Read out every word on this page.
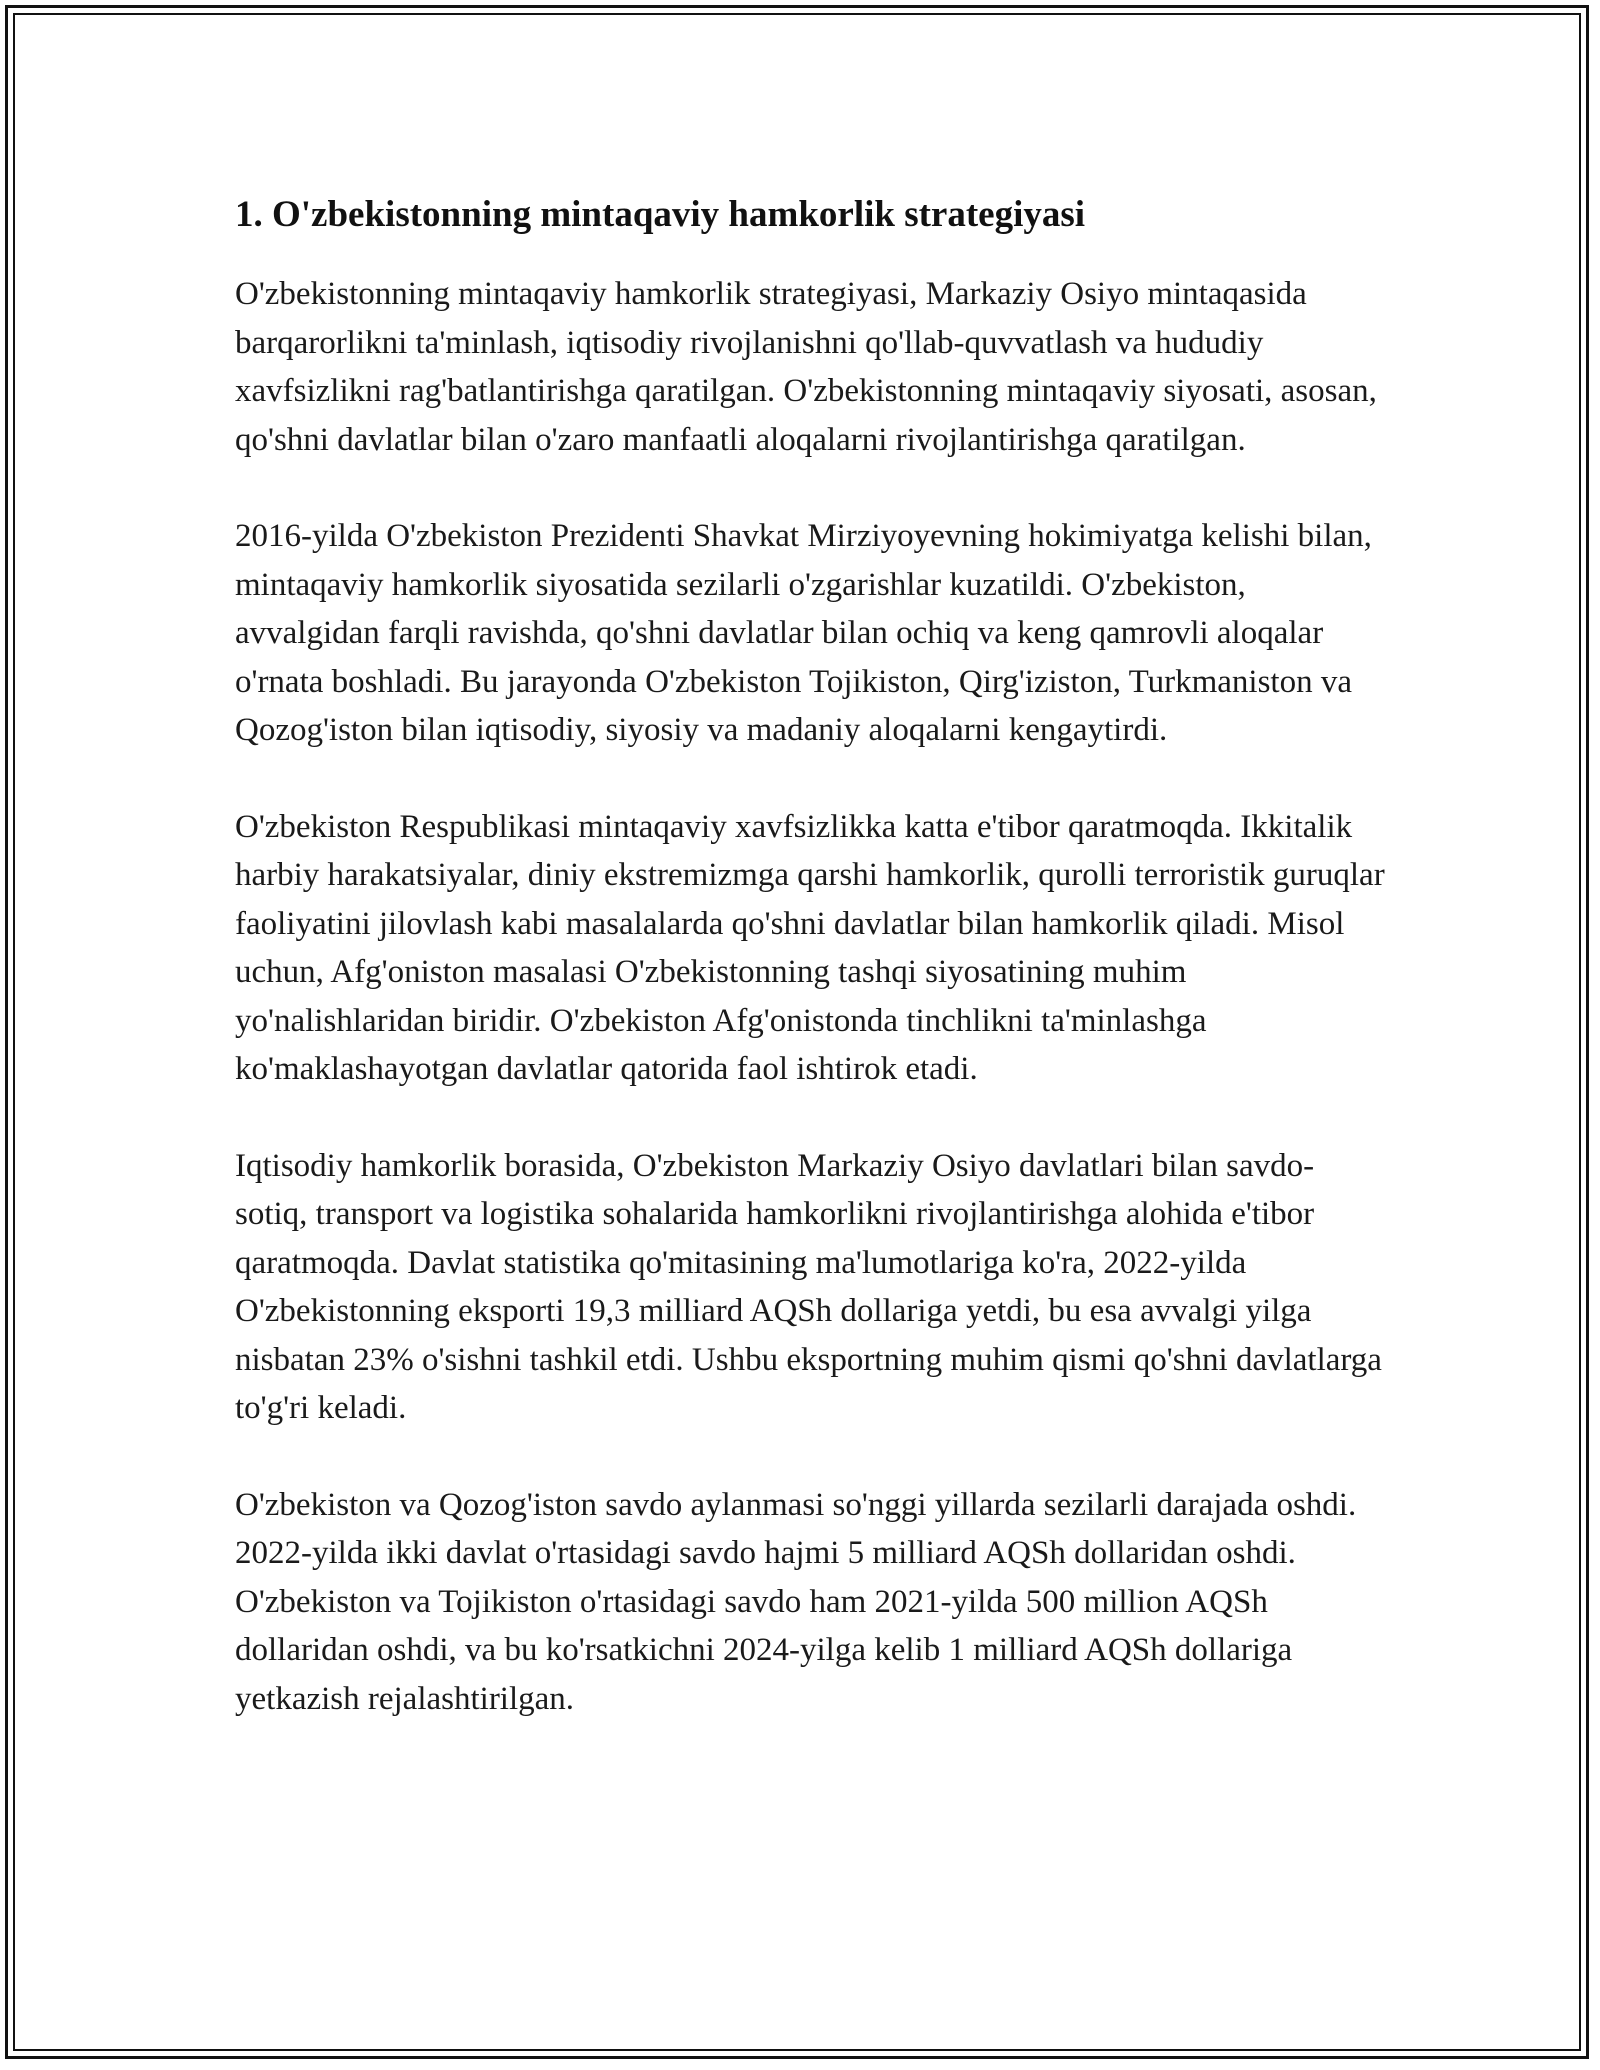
1. O'zbekistonning mintaqaviy hamkorlik strategiyasi

O'zbekistonning mintaqaviy hamkorlik strategiyasi, Markaziy Osiyo mintaqasida barqarorlikni ta'minlash, iqtisodiy rivojlanishni qo'llab-quvvatlash va hududiy xavfsizlikni rag'batlantirishga qaratilgan. O'zbekistonning mintaqaviy siyosati, asosan, qo'shni davlatlar bilan o'zaro manfaatli aloqalarni rivojlantirishga qaratilgan.

2016-yilda O'zbekiston Prezidenti Shavkat Mirziyoyevning hokimiyatga kelishi bilan, mintaqaviy hamkorlik siyosatida sezilarli o'zgarishlar kuzatildi. O'zbekiston, avvalgidan farqli ravishda, qo'shni davlatlar bilan ochiq va keng qamrovli aloqalar o'rnata boshladi. Bu jarayonda O'zbekiston Tojikiston, Qirg'iziston, Turkmaniston va Qozog'iston bilan iqtisodiy, siyosiy va madaniy aloqalarni kengaytirdi.

O'zbekiston Respublikasi mintaqaviy xavfsizlikka katta e'tibor qaratmoqda. Ikkitalik harbiy harakatsiyalar, diniy ekstremizmga qarshi hamkorlik, qurolli terroristik guruqlar faoliyatini jilovlash kabi masalalarda qo'shni davlatlar bilan hamkorlik qiladi. Misol uchun, Afg'oniston masalasi O'zbekistonning tashqi siyosatining muhim yo'nalishlaridan biridir. O'zbekiston Afg'onistonda tinchlikni ta'minlashga ko'maklashayotgan davlatlar qatorida faol ishtirok etadi.

Iqtisodiy hamkorlik borasida, O'zbekiston Markaziy Osiyo davlatlari bilan savdo-sotiq, transport va logistika sohalarida hamkorlikni rivojlantirishga alohida e'tibor qaratmoqda. Davlat statistika qo'mitasining ma'lumotlariga ko'ra, 2022-yilda O'zbekistonning eksporti 19,3 milliard AQSh dollariga yetdi, bu esa avvalgi yilga nisbatan 23% o'sishni tashkil etdi. Ushbu eksportning muhim qismi qo'shni davlatlarga to'g'ri keladi.

O'zbekiston va Qozog'iston savdo aylanmasi so'nggi yillarda sezilarli darajada oshdi. 2022-yilda ikki davlat o'rtasidagi savdo hajmi 5 milliard AQSh dollaridan oshdi. O'zbekiston va Tojikiston o'rtasidagi savdo ham 2021-yilda 500 million AQSh dollaridan oshdi, va bu ko'rsatkichni 2024-yilga kelib 1 milliard AQSh dollariga yetkazish rejalashtirilgan.
